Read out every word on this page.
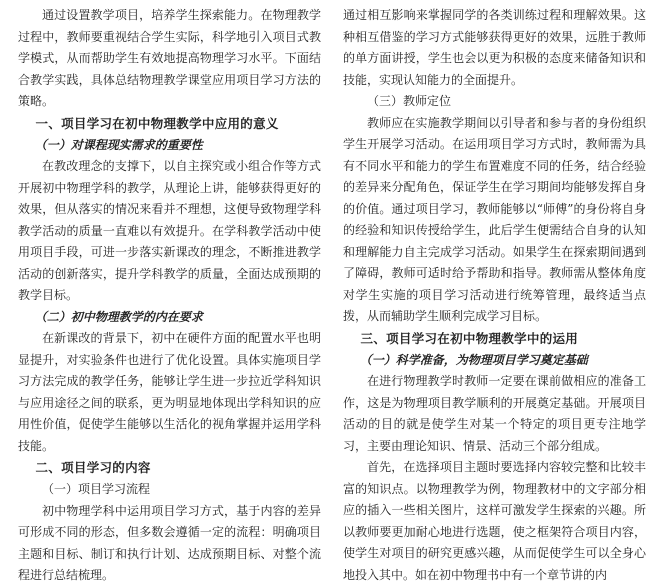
通过设置教学项目，培养学生探索能力。在物理教学过程中，教师要重视结合学生实际，科学地引入项目式教学模式，从而帮助学生有效地提高物理学习水平。下面结合教学实践，具体总结物理教学课堂应用项目学习方法的策略。

一、项目学习在初中物理教学中应用的意义
（一）对课程现实需求的重要性

在教改理念的支撑下，以自主探究或小组合作等方式开展初中物理学科的教学，从理论上讲，能够获得更好的效果，但从落实的情况来看并不理想，这便导致物理学科教学活动的质量一直难以有效提升。在学科教学活动中使用项目手段，可进一步落实新课改的理念，不断推进教学活动的创新落实，提升学科教学的质量，全面达成预期的教学目标。

（二）初中物理教学的内在要求

在新课改的背景下，初中在硬件方面的配置水平也明显提升，对实验条件也进行了优化设置。具体实施项目学习方法完成的教学任务，能够让学生进一步拉近学科知识与应用途径之间的联系，更为明显地体现出学科知识的应用性价值，促使学生能够以生活化的视角掌握并运用学科技能。

二、项目学习的内容
（一）项目学习流程

初中物理学科中运用项目学习方式，基于内容的差异可形成不同的形态，但多数会遵循一定的流程：明确项目主题和目标、制订和执行计划、达成预期目标、对整个流程进行总结梳理。

通过相互影响来掌握同学的各类训练过程和理解效果。这种相互借鉴的学习方式能够获得更好的效果，远胜于教师的单方面讲授，学生也会以更为积极的态度来储备知识和技能，实现认知能力的全面提升。

（三）教师定位

教师应在实施教学期间以引导者和参与者的身份组织学生开展学习活动。在运用项目学习方式时，教师需为具有不同水平和能力的学生布置难度不同的任务，结合经验的差异来分配角色，保证学生在学习期间均能够发挥自身的价值。通过项目学习，教师能够以“师傅”的身份将自身的经验和知识传授给学生，此后学生便需结合自身的认知和理解能力自主完成学习活动。如果学生在探索期间遇到了障碍，教师可适时给予帮助和指导。教师需从整体角度对学生实施的项目学习活动进行统筹管理，最终适当点拨，从而辅助学生顺利完成学习目标。

三、项目学习在初中物理教学中的运用
（一）科学准备，为物理项目学习奠定基础

在进行物理教学时教师一定要在课前做相应的准备工作，这是为物理项目教学顺利的开展奠定基础。开展项目活动的目的就是使学生对某一个特定的项目更专注地学习，主要由理论知识、情景、活动三个部分组成。

首先，在选择项目主题时要选择内容较完整和比较丰富的知识点。以物理教学为例，物理教材中的文字部分相应的插入一些相关图片，这样可激发学生探索的兴趣。所以教师要更加耐心地进行选题，使之框架符合项目内容，使学生对项目的研究更感兴趣，从而促使学生可以全身心地投入其中。如在初中物理书中有一个章节讲的内
